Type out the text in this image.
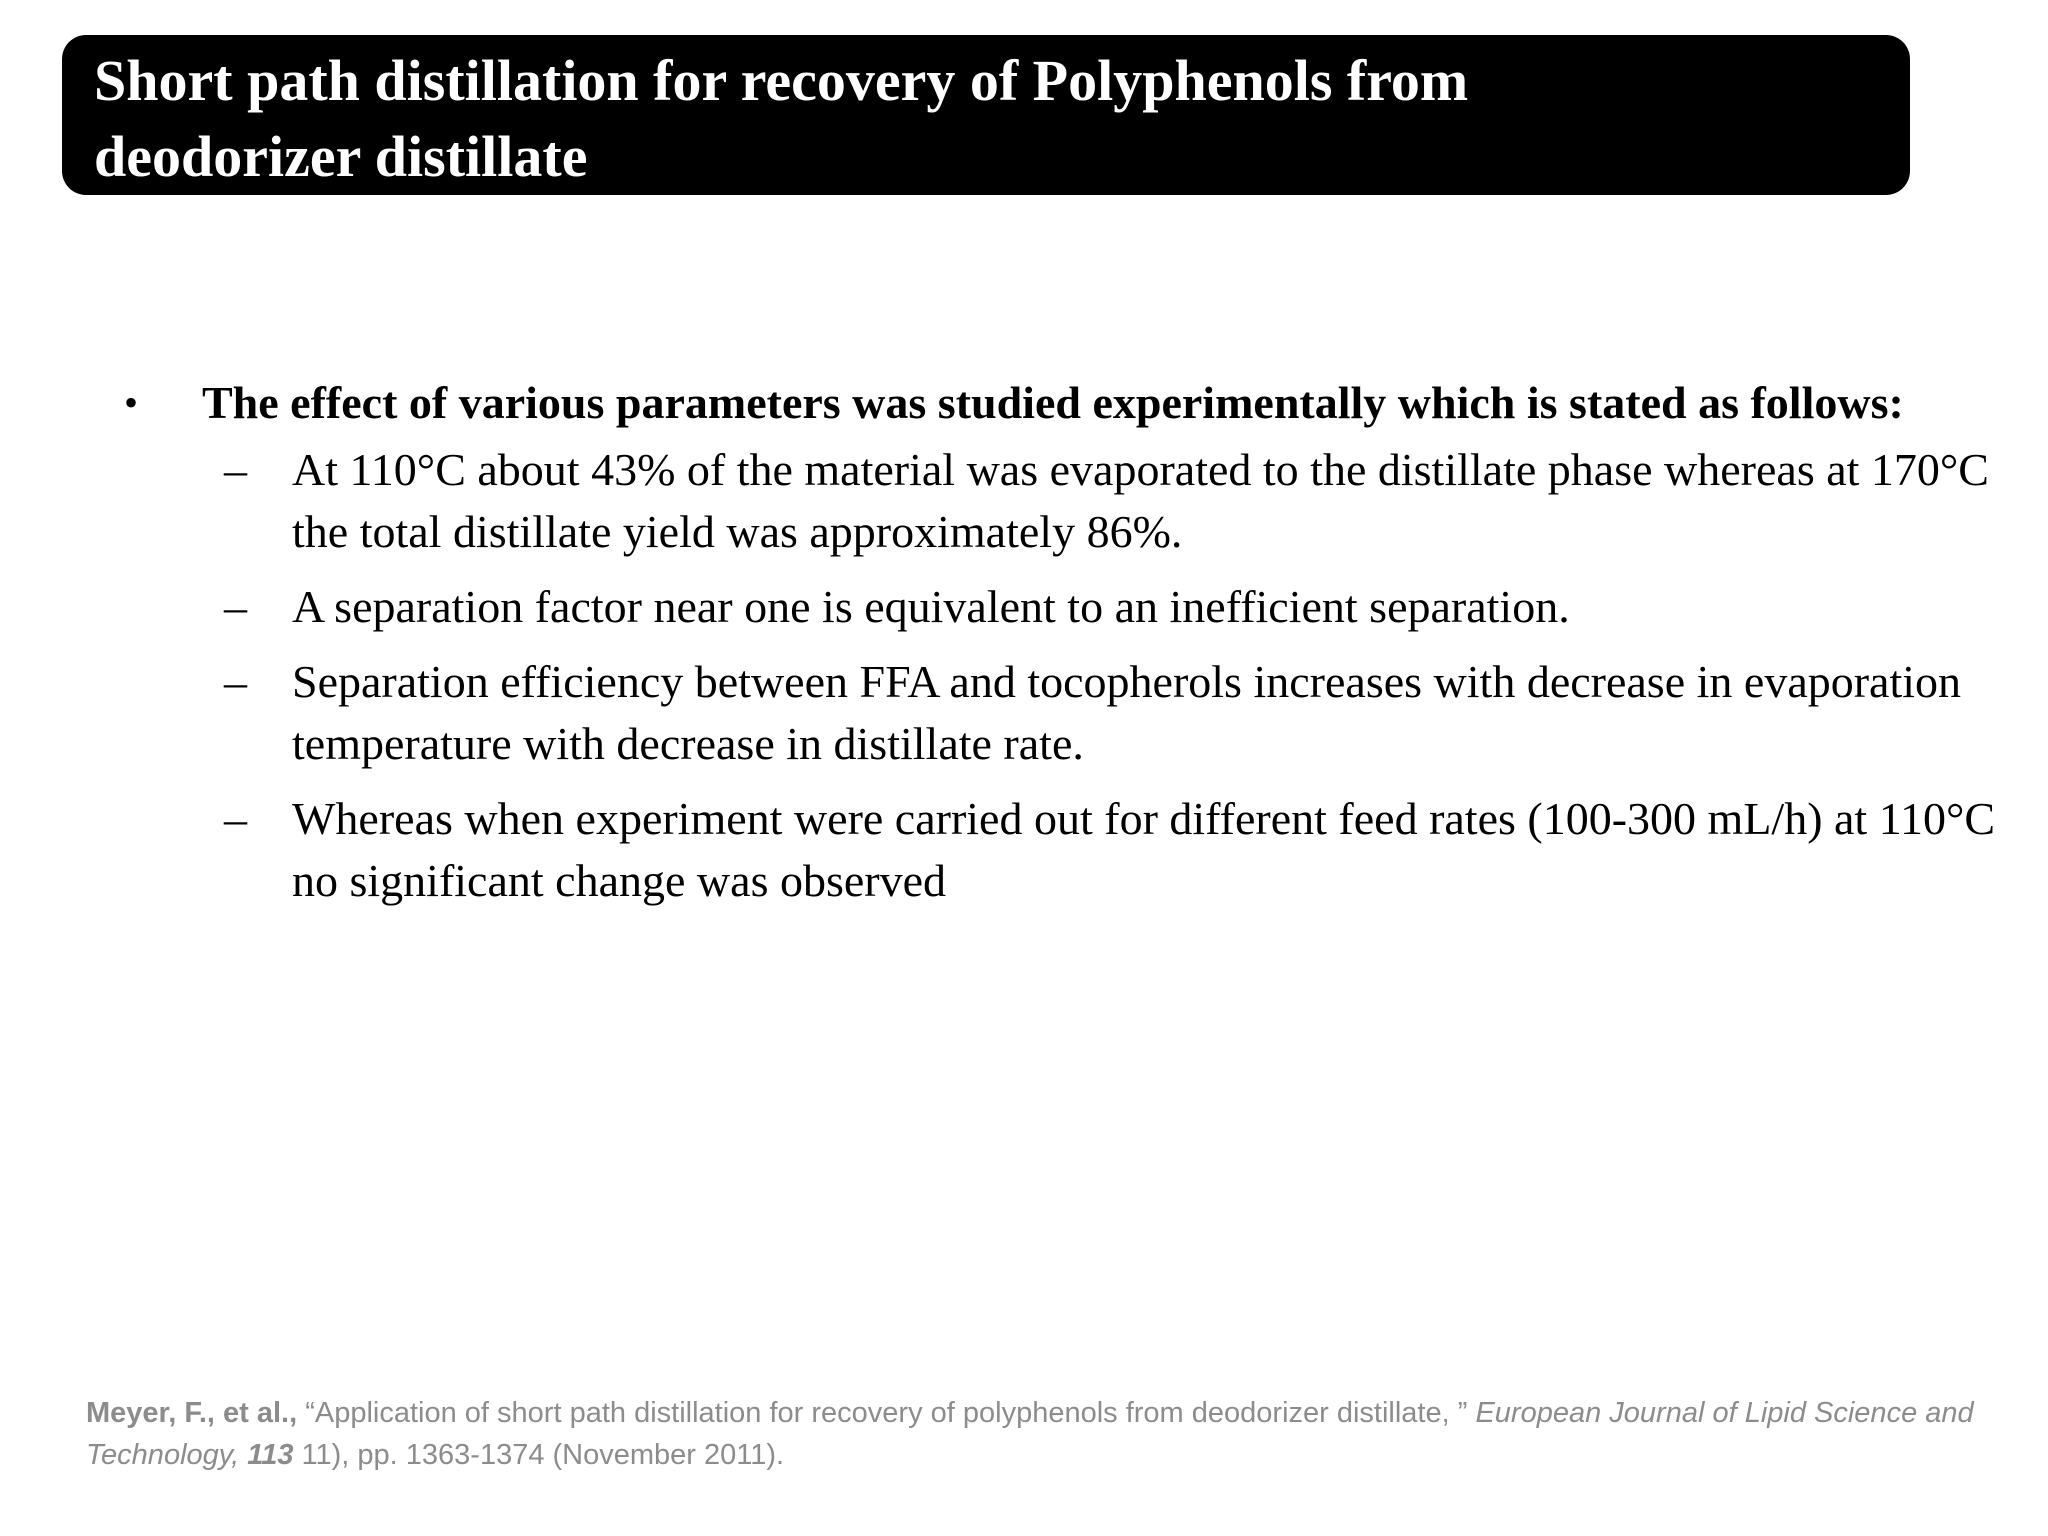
Short path distillation for recovery of Polyphenols from
deodorizer distillate
• The effect of various parameters was studied experimentally which is stated as follows:
– At 110°C about 43% of the material was evaporated to the distillate phase whereas at 170°C the total distillate yield was approximately 86%.
– A separation factor near one is equivalent to an inefficient separation.
– Separation efficiency between FFA and tocopherols increases with decrease in evaporation temperature with decrease in distillate rate.
– Whereas when experiment were carried out for different feed rates (100-300 mL/h) at 110°C no significant change was observed
Meyer, F., et al., “Application of short path distillation for recovery of polyphenols from deodorizer distillate, ” European Journal of Lipid Science and Technology, 113 11), pp. 1363-1374 (November 2011).
